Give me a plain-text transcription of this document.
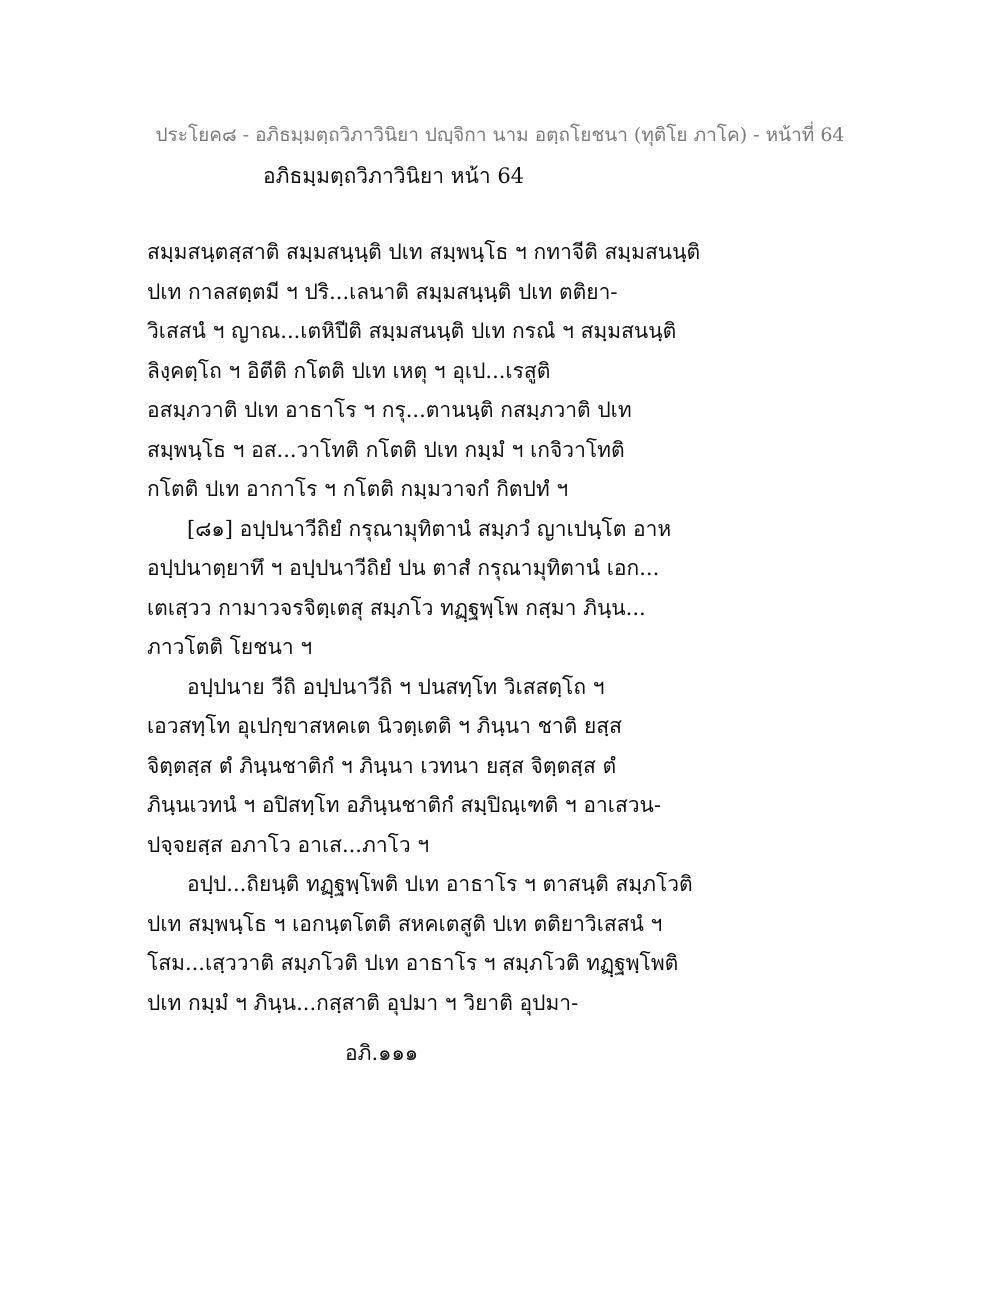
ประโยค๘ - อภิธมฺมตฺถวิภาวินิยา ปญฺจิกา นาม อตฺถโยชนา (ทุติโย ภาโค) - หน้าที่ 64
อภิธมฺมตฺถวิภาวินิยา หน้า 64
สมฺมสนฺตสฺสาติ สมฺมสนฺนฺติ ปเท สมฺพนฺโธ ฯ กทาจีติ สมฺมสนนฺติ
ปเท กาลสตฺตมี ฯ ปริ...เลนาติ สมฺมสนฺนฺติ ปเท ตติยา-
วิเสสนํ ฯ ญาณ...เตหิปีติ สมฺมสนนฺติ ปเท กรณํ ฯ สมฺมสนนฺติ
ลิงฺคตฺโถ ฯ อิตีติ กโตติ ปเท เหตุ ฯ อุเป...เรสูติ
อสมฺภวาติ ปเท อาธาโร ฯ กรุ...ตานนฺติ กสมฺภวาติ ปเท
สมฺพนฺโธ ฯ อส...วาโทติ กโตติ ปเท กมฺมํ ฯ เกจิวาโทติ
กโตติ ปเท อากาโร ฯ กโตติ กมฺมวาจกํ กิตปทํ ฯ
[๘๑] อปฺปนาวีถิยํ กรุณามุทิตานํ สมฺภวํ ญาเปนฺโต อาห
อปฺปนาตฺยาทึ ฯ อปฺปนาวีถิยํ ปน ตาสํ กรุณามุทิตานํ เอก...
เตเสฺวว กามาวจรจิตฺเตสุ สมฺภโว ทฏฺฐพฺโพ กสฺมา ภินฺน...
ภาวโตติ โยชนา ฯ
อปฺปนาย วีถิ อปฺปนาวีถิ ฯ ปนสทฺโท วิเสสตฺโถ ฯ
เอวสทฺโท อุเปกฺขาสหคเต นิวตฺเตติ ฯ ภินฺนา ชาติ ยสฺส
จิตฺตสฺส ตํ ภินฺนชาติกํ ฯ ภินฺนา เวทนา ยสฺส จิตฺตสฺส ตํ
ภินฺนเวทนํ ฯ อปิสทฺโท อภินฺนชาติกํ สมฺปิณฺเฑติ ฯ อาเสวน-
ปจฺจยสฺส อภาโว อาเส...ภาโว ฯ
อปฺป...ถิยนฺติ ทฏฺฐพฺโพติ ปเท อาธาโร ฯ ตาสนฺติ สมฺภโวติ
ปเท สมฺพนฺโธ ฯ เอกนฺตโตติ สหคเตสูติ ปเท ตติยาวิเสสนํ ฯ
โสม...เสฺววาติ สมฺภโวติ ปเท อาธาโร ฯ สมฺภโวติ ทฏฺฐพฺโพติ
ปเท กมฺมํ ฯ ภินฺน...กสฺสาติ อุปมา ฯ วิยาติ อุปมา-
อภิ.๑๑๑
